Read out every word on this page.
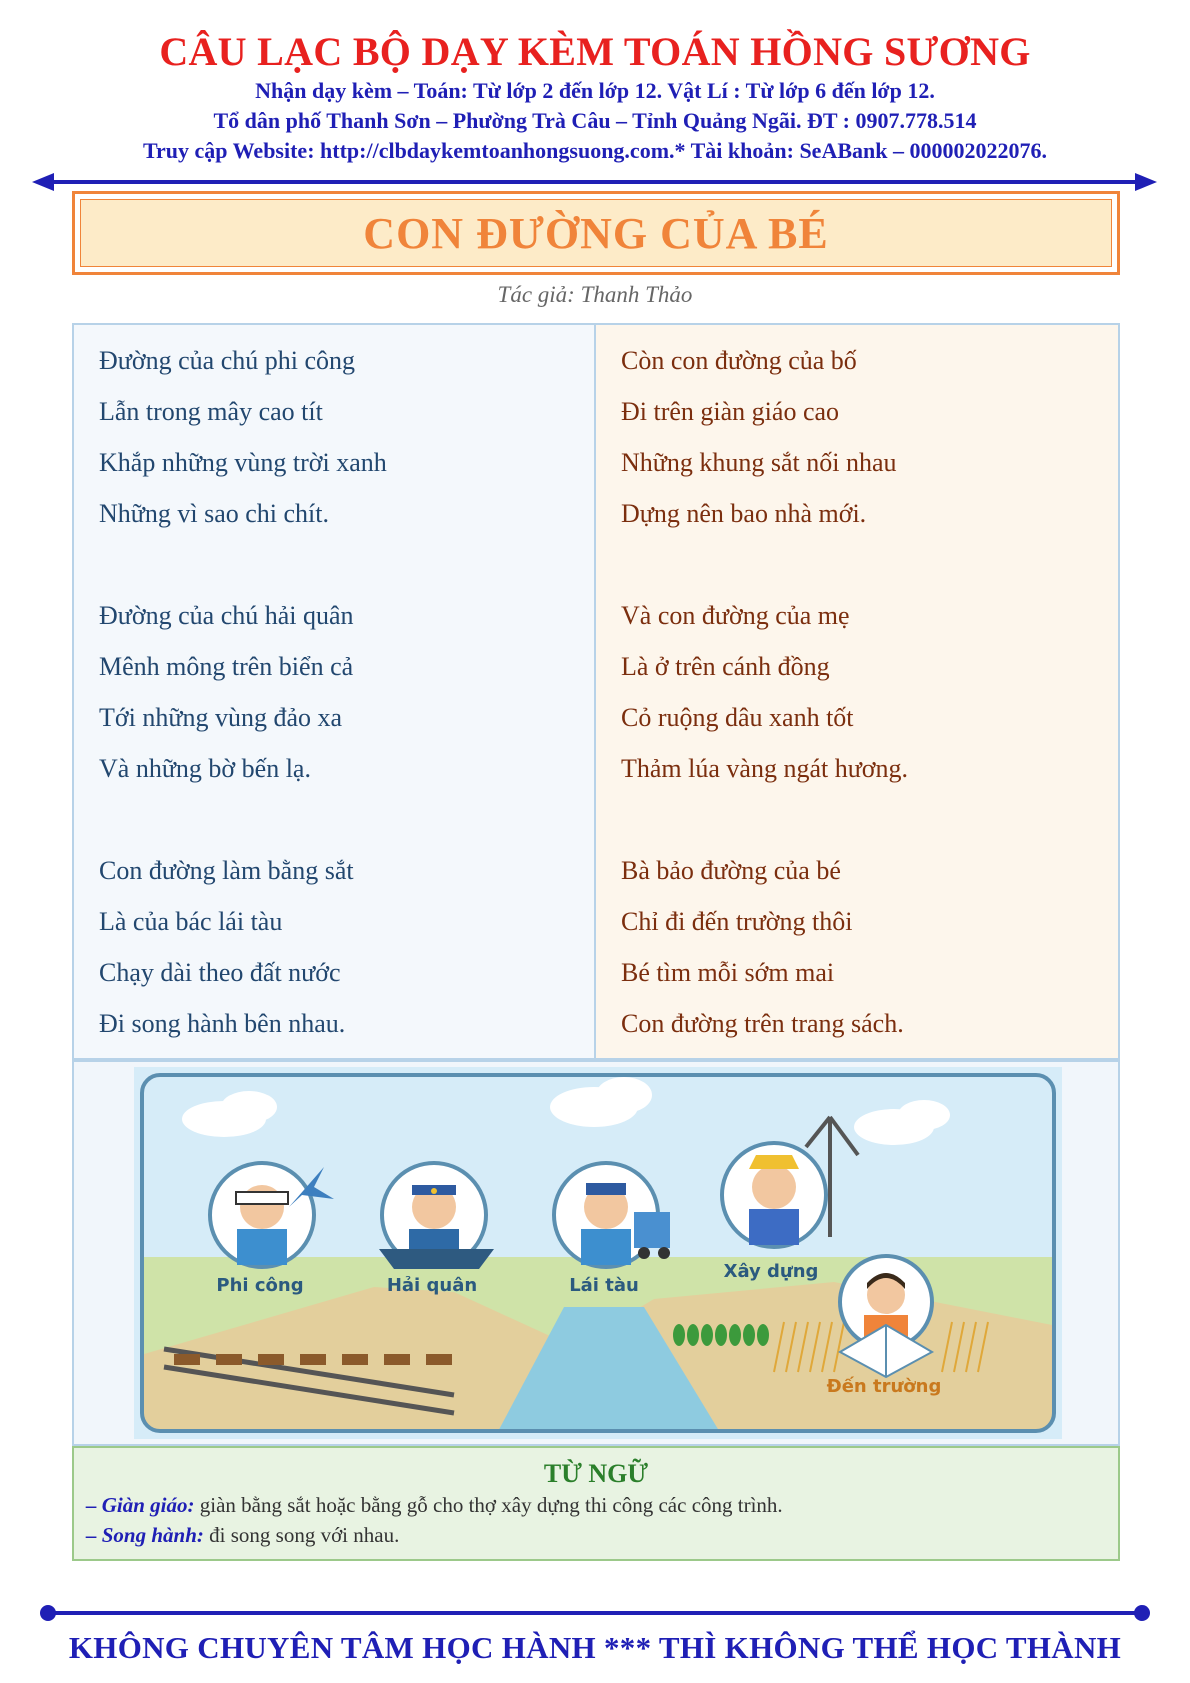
CÂU LẠC BỘ DẠY KÈM TOÁN HỒNG SƯƠNG
Nhận dạy kèm – Toán: Từ lớp 2 đến lớp 12. Vật Lí : Từ lớp 6 đến lớp 12.
Tổ dân phố Thanh Sơn – Phường Trà Câu – Tỉnh Quảng Ngãi. ĐT : 0907.778.514
Truy cập Website: http://clbdaykemtoanhongsuong.com.* Tài khoản: SeABank – 000002022076.
CON ĐƯỜNG CỦA BÉ
Tác giả: Thanh Thảo
Đường của chú phi công
Lẫn trong mây cao tít
Khắp những vùng trời xanh
Những vì sao chi chít.
Đường của chú hải quân
Mênh mông trên biển cả
Tới những vùng đảo xa
Và những bờ bến lạ.
Con đường làm bằng sắt
Là của bác lái tàu
Chạy dài theo đất nước
Đi song hành bên nhau.
Còn con đường của bố
Đi trên giàn giáo cao
Những khung sắt nối nhau
Dựng nên bao nhà mới.
Và con đường của mẹ
Là ở trên cánh đồng
Cỏ ruộng dâu xanh tốt
Thảm lúa vàng ngát hương.
Bà bảo đường của bé
Chỉ đi đến trường thôi
Bé tìm mỗi sớm mai
Con đường trên trang sách.
Phi công	Hải quân	Lái tàu
Xây dựng
Đến trường
TỪ NGỮ
– Giàn giáo: giàn bằng sắt hoặc bằng gỗ cho thợ xây dựng thi công các công trình.
– Song hành: đi song song với nhau.
KHÔNG CHUYÊN TÂM HỌC HÀNH *** THÌ KHÔNG THỂ HỌC THÀNH
